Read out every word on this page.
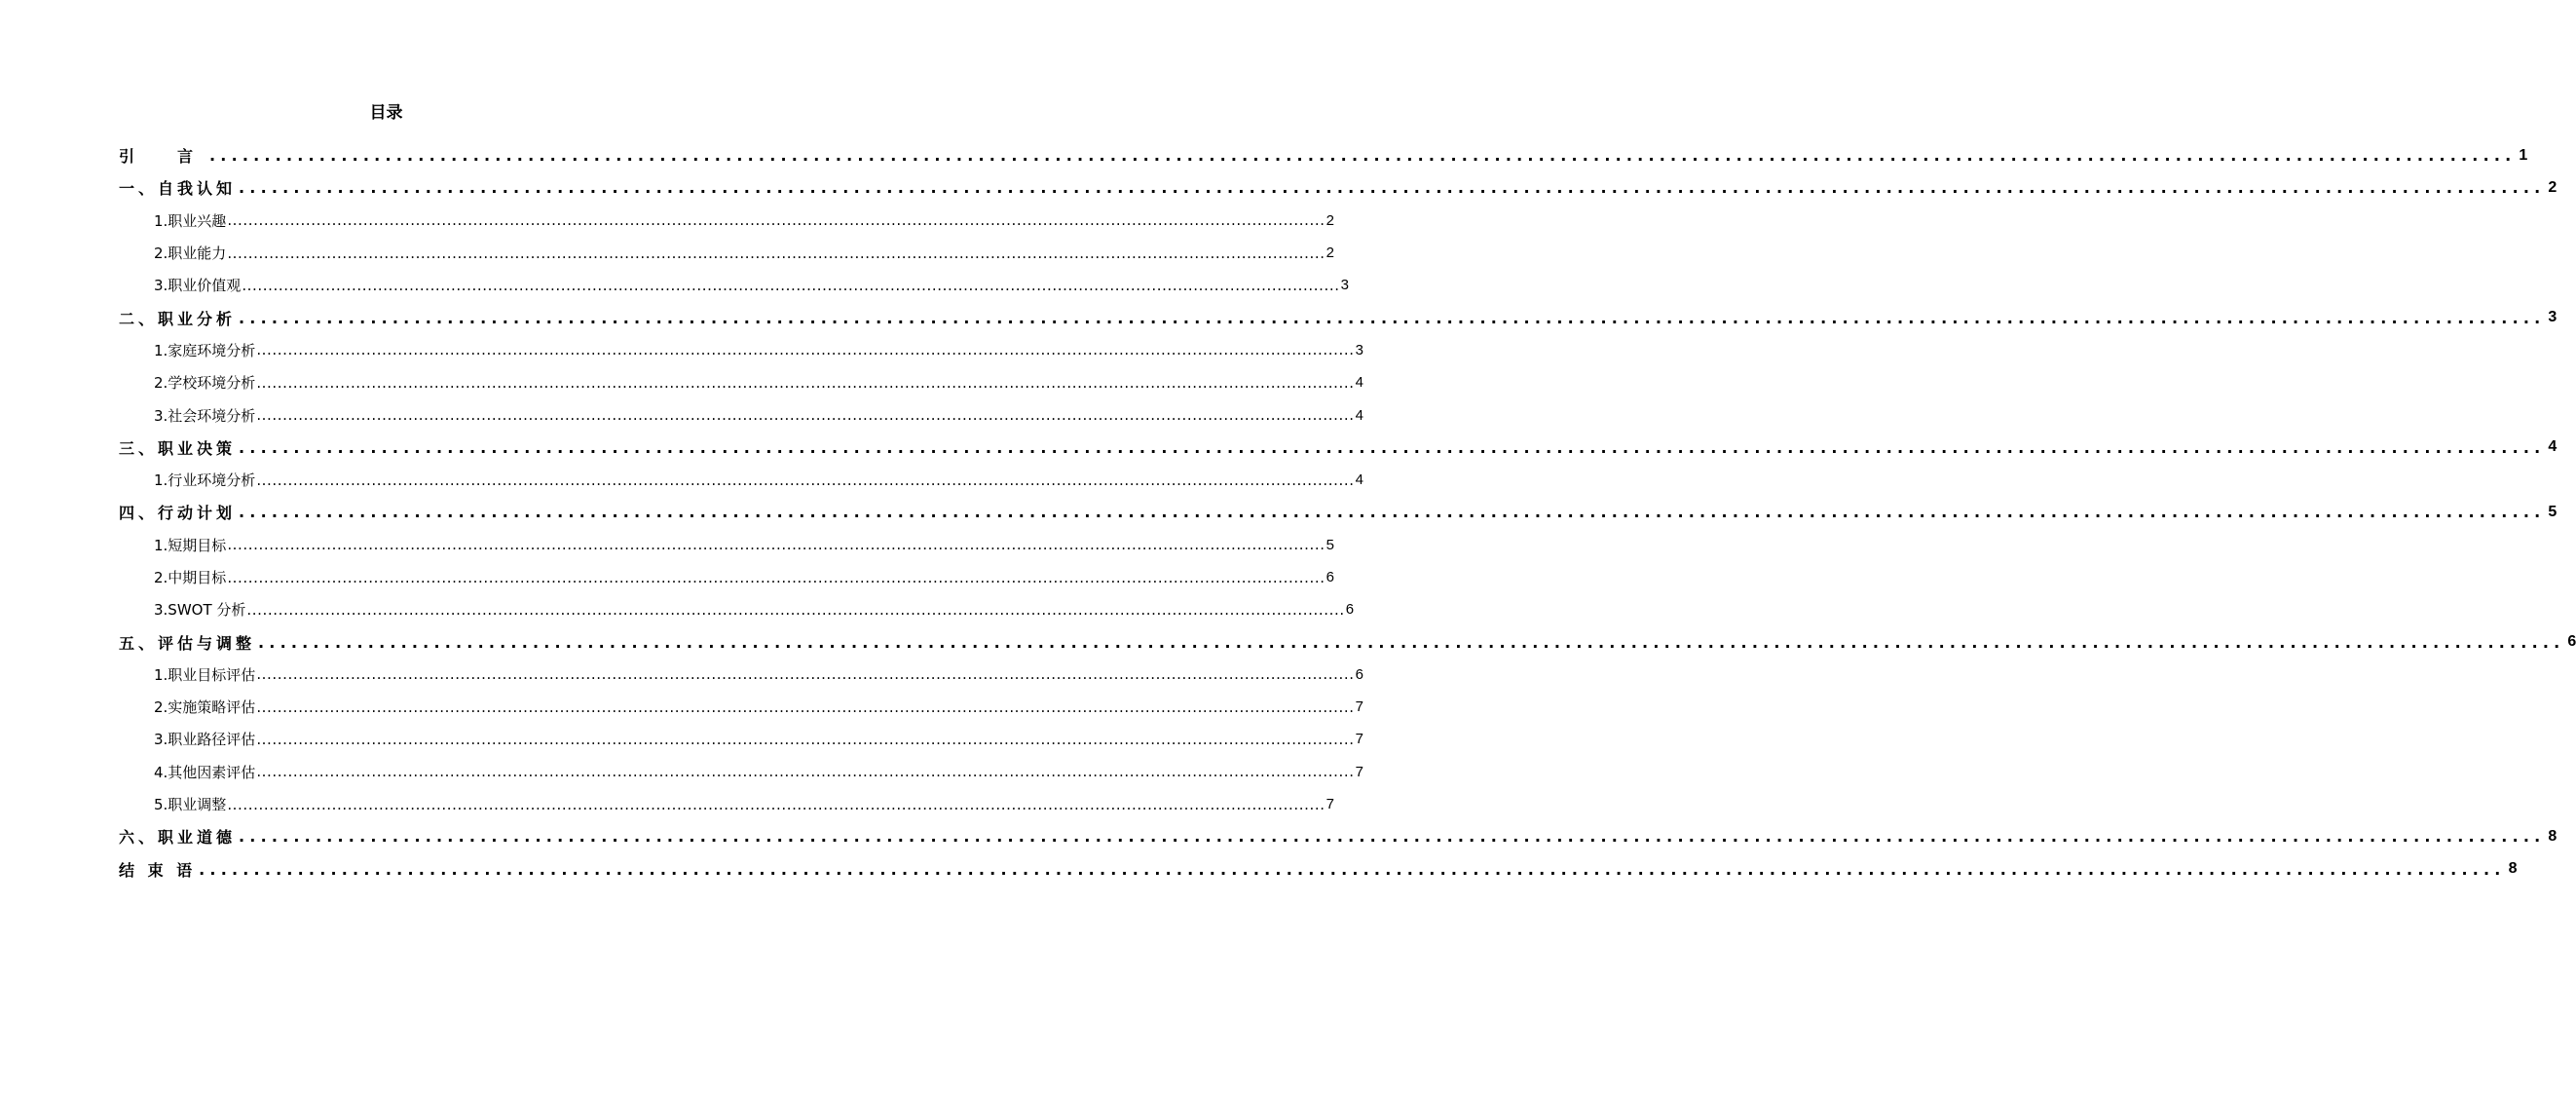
目录
引　言 .................................................................................................................................................................................................................. 1
一、自我认知 .................................................................................................................................................................................................................. 2
1.职业兴趣 .................................................................................................................................................................................................................. 2
2.职业能力 .................................................................................................................................................................................................................. 2
3.职业价值观 .................................................................................................................................................................................................................. 3
二、职业分析 .................................................................................................................................................................................................................. 3
1.家庭环境分析 .................................................................................................................................................................................................................. 3
2.学校环境分析 .................................................................................................................................................................................................................. 4
3.社会环境分析 .................................................................................................................................................................................................................. 4
三、职业决策 .................................................................................................................................................................................................................. 4
1.行业环境分析 .................................................................................................................................................................................................................. 4
四、行动计划 .................................................................................................................................................................................................................. 5
1.短期目标 .................................................................................................................................................................................................................. 5
2.中期目标 .................................................................................................................................................................................................................. 6
3.SWOT 分析 .................................................................................................................................................................................................................. 6
五、评估与调整 .................................................................................................................................................................................................................. 6
1.职业目标评估 .................................................................................................................................................................................................................. 6
2.实施策略评估 .................................................................................................................................................................................................................. 7
3.职业路径评估 .................................................................................................................................................................................................................. 7
4.其他因素评估 .................................................................................................................................................................................................................. 7
5.职业调整 .................................................................................................................................................................................................................. 7
六、职业道德 .................................................................................................................................................................................................................. 8
结 束 语 .................................................................................................................................................................................................................. 8
